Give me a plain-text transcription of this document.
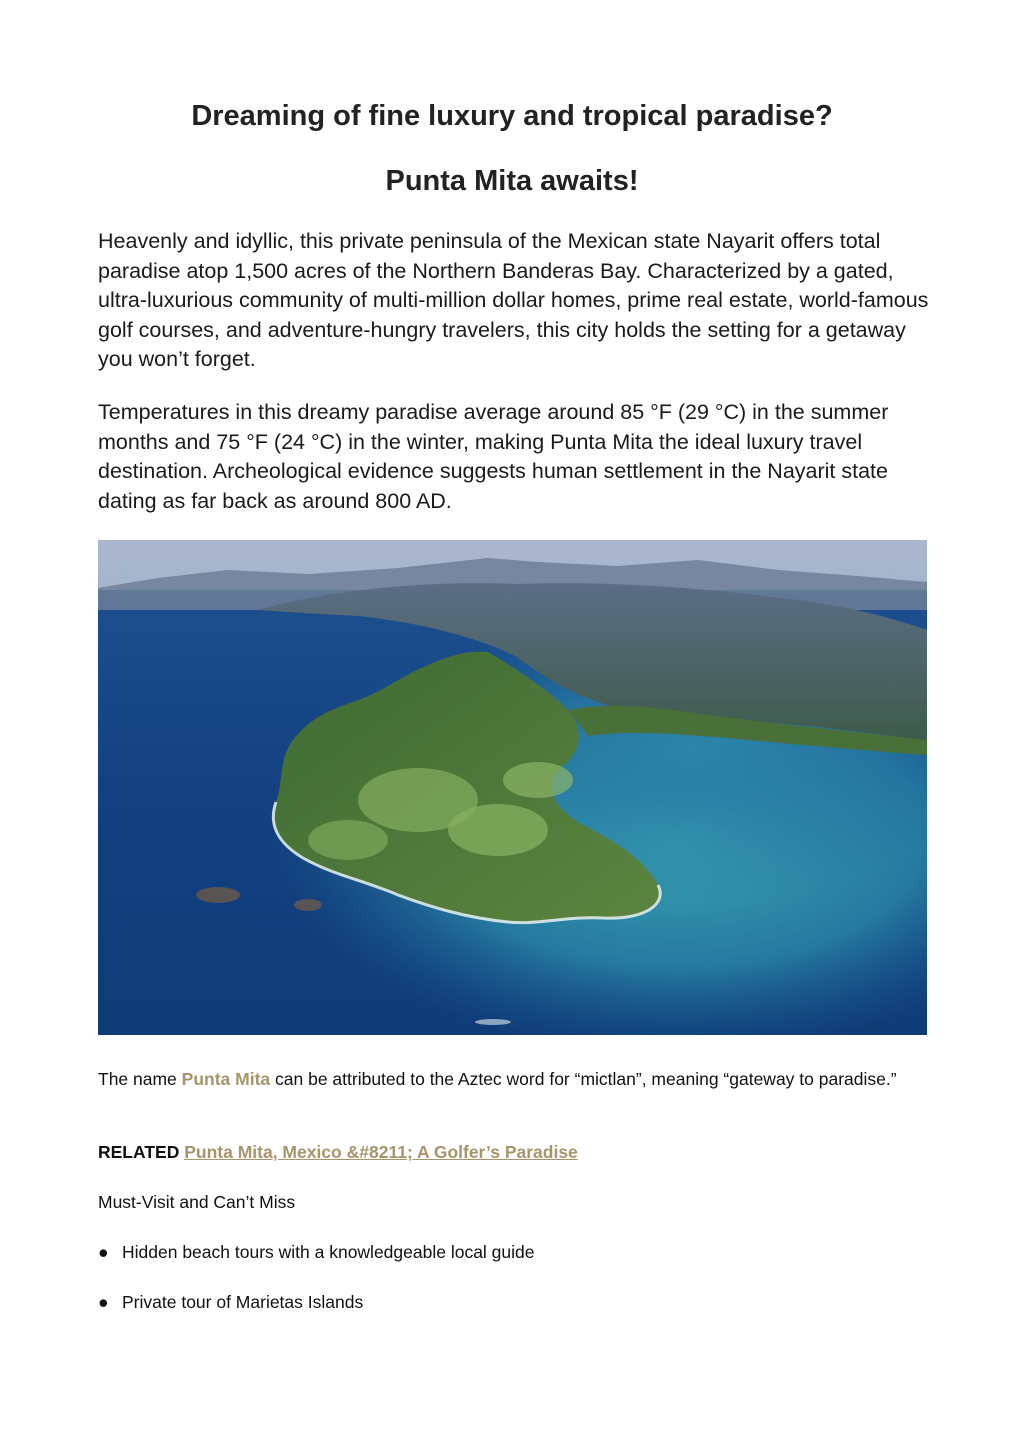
Dreaming of fine luxury and tropical paradise?
Punta Mita awaits!

Heavenly and idyllic, this private peninsula of the Mexican state Nayarit offers total paradise atop 1,500 acres of the Northern Banderas Bay. Characterized by a gated, ultra-luxurious community of multi-million dollar homes, prime real estate, world-famous golf courses, and adventure-hungry travelers, this city holds the setting for a getaway you won’t forget.

Temperatures in this dreamy paradise average around 85 °F (29 °C) in the summer months and 75 °F (24 °C) in the winter, making Punta Mita the ideal luxury travel destination. Archeological evidence suggests human settlement in the Nayarit state dating as far back as around 800 AD.

The name Punta Mita can be attributed to the Aztec word for “mictlan”, meaning “gateway to paradise.”

RELATED Punta Mita, Mexico &#8211; A Golfer’s Paradise

Must-Visit and Can’t Miss

● Hidden beach tours with a knowledgeable local guide
● Private tour of Marietas Islands
